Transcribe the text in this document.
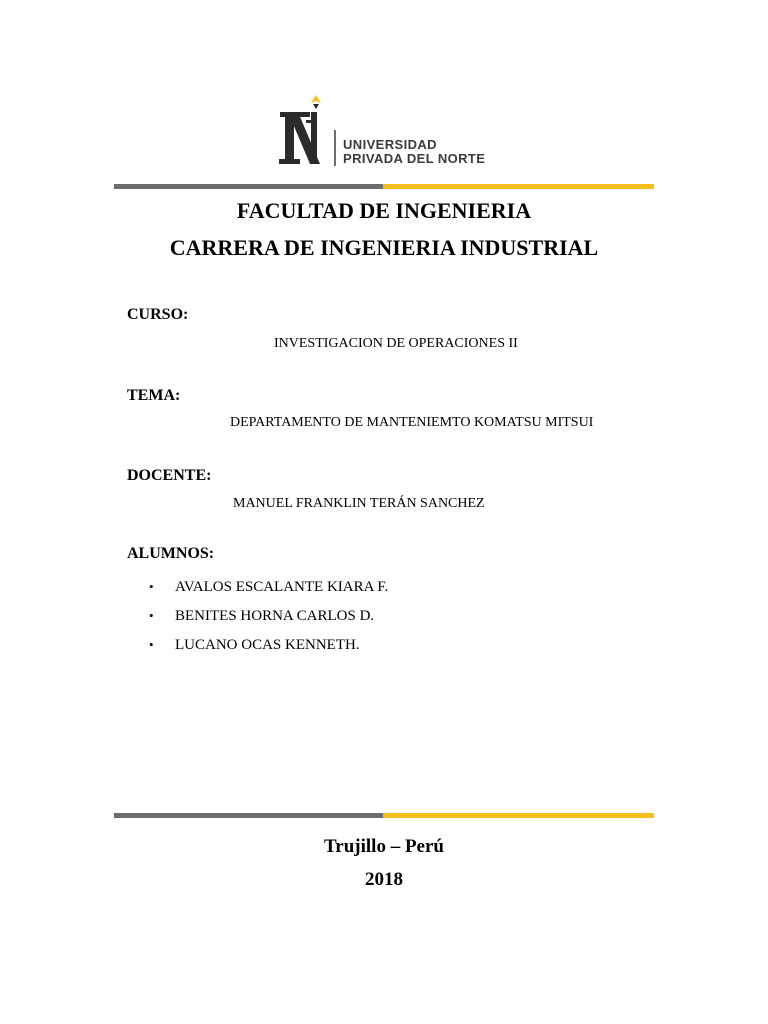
UNIVERSIDAD
PRIVADA DEL NORTE
FACULTAD DE INGENIERIA
CARRERA DE INGENIERIA INDUSTRIAL
CURSO:
INVESTIGACION DE OPERACIONES II
TEMA:
DEPARTAMENTO DE MANTENIEMTO KOMATSU MITSUI
DOCENTE:
MANUEL FRANKLIN TERÁN SANCHEZ
ALUMNOS:
•	AVALOS ESCALANTE KIARA F.
•	BENITES HORNA CARLOS D.
•	LUCANO OCAS KENNETH.
Trujillo – Perú
2018
